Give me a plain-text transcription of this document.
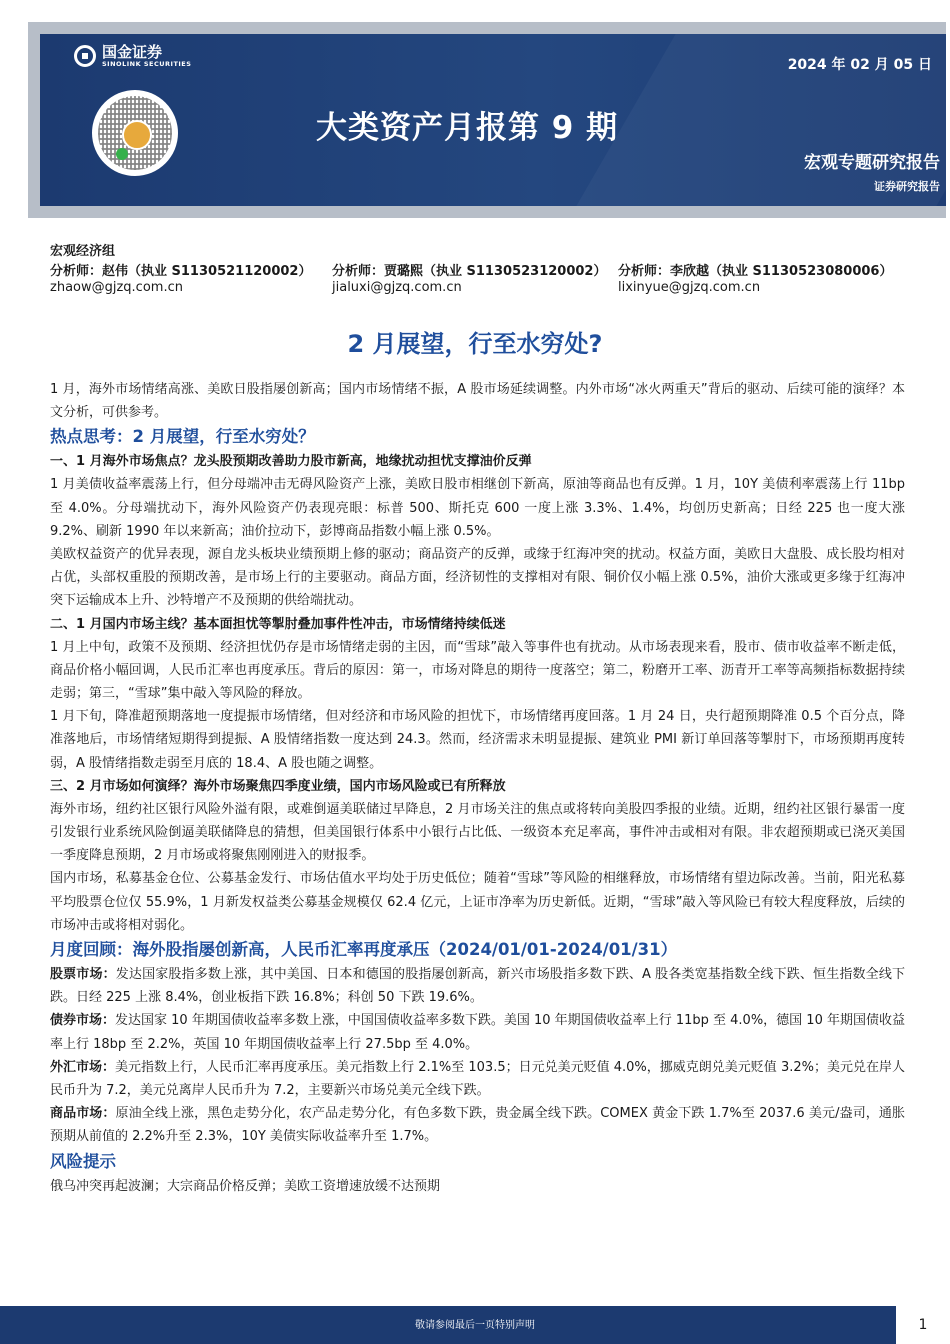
国金证券
SINOLINK SECURITIES	2024 年 02 月 05 日
大类资产月报第 9 期
宏观专题研究报告
证券研究报告
宏观经济组
分析师：赵伟（执业 S1130521120002）	分析师：贾璐熙（执业 S1130523120002） 分析师：李欣越（执业 S1130523080006）
zhaow@gjzq.com.cn	jialuxi@gjzq.com.cn	lixinyue@gjzq.com.cn
2 月展望，行至水穷处?

1 月，海外市场情绪高涨、美欧日股指屡创新高；国内市场情绪不振，A 股市场延续调整。内外市场“冰火两重天”背后的驱动、后续可能的演绎？本文分析，可供参考。

热点思考：2 月展望，行至水穷处？

一、1 月海外市场焦点？龙头股预期改善助力股市新高，地缘扰动担忧支撑油价反弹

1 月美债收益率震荡上行，但分母端冲击无碍风险资产上涨，美欧日股市相继创下新高，原油等商品也有反弹。1 月，10Y 美债利率震荡上行 11bp 至 4.0%。分母端扰动下，海外风险资产仍表现亮眼：标普 500、斯托克 600 一度上涨 3.3%、1.4%，均创历史新高；日经 225 也一度大涨 9.2%、刷新 1990 年以来新高；油价拉动下，彭博商品指数小幅上涨 0.5%。

美欧权益资产的优异表现，源自龙头板块业绩预期上修的驱动；商品资产的反弹，或缘于红海冲突的扰动。权益方面，美欧日大盘股、成长股均相对占优，头部权重股的预期改善，是市场上行的主要驱动。商品方面，经济韧性的支撑相对有限、铜价仅小幅上涨 0.5%，油价大涨或更多缘于红海冲突下运输成本上升、沙特增产不及预期的供给端扰动。

二、1 月国内市场主线？基本面担忧等掣肘叠加事件性冲击，市场情绪持续低迷

1 月上中旬，政策不及预期、经济担忧仍存是市场情绪走弱的主因，而“雪球”敲入等事件也有扰动。从市场表现来看，股市、债市收益率不断走低，商品价格小幅回调，人民币汇率也再度承压。背后的原因：第一，市场对降息的期待一度落空；第二，粉磨开工率、沥青开工率等高频指标数据持续走弱；第三，“雪球”集中敲入等风险的释放。

1 月下旬，降准超预期落地一度提振市场情绪，但对经济和市场风险的担忧下，市场情绪再度回落。1 月 24 日，央行超预期降准 0.5 个百分点，降准落地后，市场情绪短期得到提振、A 股情绪指数一度达到 24.3。然而，经济需求未明显提振、建筑业 PMI 新订单回落等掣肘下，市场预期再度转弱，A 股情绪指数走弱至月底的 18.4、A 股也随之调整。

三、2 月市场如何演绎？海外市场聚焦四季度业绩，国内市场风险或已有所释放

海外市场，纽约社区银行风险外溢有限，或难倒逼美联储过早降息，2 月市场关注的焦点或将转向美股四季报的业绩。近期，纽约社区银行暴雷一度引发银行业系统风险倒逼美联储降息的猜想，但美国银行体系中小银行占比低、一级资本充足率高，事件冲击或相对有限。非农超预期或已浇灭美国一季度降息预期，2 月市场或将聚焦刚刚进入的财报季。

国内市场，私募基金仓位、公募基金发行、市场估值水平均处于历史低位；随着“雪球”等风险的相继释放，市场情绪有望边际改善。当前，阳光私募平均股票仓位仅 55.9%，1 月新发权益类公募基金规模仅 62.4 亿元，上证市净率为历史新低。近期，“雪球”敲入等风险已有较大程度释放，后续的市场冲击或将相对弱化。

月度回顾：海外股指屡创新高，人民币汇率再度承压（2024/01/01-2024/01/31）

股票市场：发达国家股指多数上涨，其中美国、日本和德国的股指屡创新高，新兴市场股指多数下跌、A 股各类宽基指数全线下跌、恒生指数全线下跌。日经 225 上涨 8.4%，创业板指下跌 16.8%；科创 50 下跌 19.6%。

债券市场：发达国家 10 年期国债收益率多数上涨，中国国债收益率多数下跌。美国 10 年期国债收益率上行 11bp 至 4.0%，德国 10 年期国债收益率上行 18bp 至 2.2%，英国 10 年期国债收益率上行 27.5bp 至 4.0%。

外汇市场：美元指数上行，人民币汇率再度承压。美元指数上行 2.1%至 103.5；日元兑美元贬值 4.0%，挪威克朗兑美元贬值 3.2%；美元兑在岸人民币升为 7.2，美元兑离岸人民币升为 7.2，主要新兴市场兑美元全线下跌。

商品市场：原油全线上涨，黑色走势分化，农产品走势分化，有色多数下跌，贵金属全线下跌。COMEX 黄金下跌 1.7%至 2037.6 美元/盎司，通胀预期从前值的 2.2%升至 2.3%，10Y 美债实际收益率升至 1.7%。

风险提示

俄乌冲突再起波澜；大宗商品价格反弹；美欧工资增速放缓不达预期

敬请参阅最后一页特别声明	1
